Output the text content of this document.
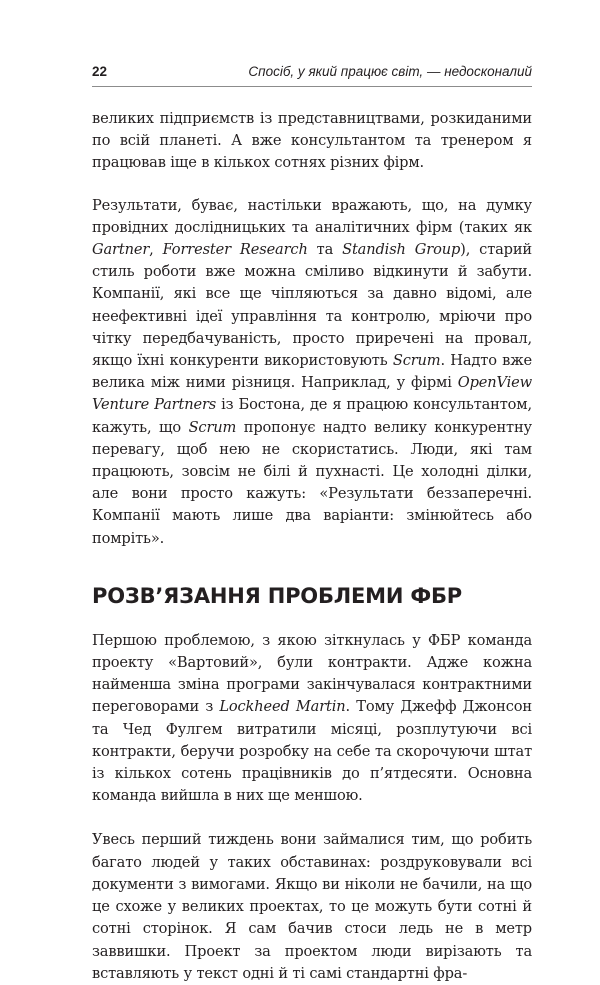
22	Спосіб, у який працює світ, — недосконалий

великих підприємств із представництвами, розкиданими по всій планеті. А вже консультантом та тренером я працював іще в кількох сотнях різних фірм.

Результати, буває, настільки вражають, що, на думку провідних дослідницьких та аналітичних фірм (таких як Gartner, Forrester Research та Standish Group), старий стиль роботи вже можна сміливо відкинути й забути. Компанії, які все ще чіпляються за давно відомі, але неефективні ідеї управління та контролю, мріючи про чітку передбачуваність, просто приречені на провал, якщо їхні конкуренти використовують Scrum. Надто вже велика між ними різниця. Наприклад, у фірмі OpenView Venture Partners із Бостона, де я працюю консультантом, кажуть, що Scrum пропонує надто велику конкурентну перевагу, щоб нею не скористатись. Люди, які там працюють, зовсім не білі й пухнасті. Це холодні ділки, але вони просто кажуть: «Результати беззаперечні. Компанії мають лише два варіанти: змінюйтесь або помріть».

РОЗВ’ЯЗАННЯ ПРОБЛЕМИ ФБР

Першою проблемою, з якою зіткнулась у ФБР команда проекту «Вартовий», були контракти. Адже кожна найменша зміна програми закінчувалася контрактними переговорами з Lockheed Martin. Тому Джефф Джонсон та Чед Фулгем витратили місяці, розплутуючи всі контракти, беручи розробку на себе та скорочуючи штат із кількох сотень працівників до п’ятдесяти. Основна команда вийшла в них ще меншою.

Увесь перший тиждень вони займалися тим, що робить багато людей у таких обставинах: роздруковували всі документи з вимогами. Якщо ви ніколи не бачили, на що це схоже у великих проектах, то це можуть бути сотні й сотні сторінок. Я сам бачив стоси ледь не в метр заввишки. Проект за проектом люди вирізають та вставляють у текст одні й ті самі стандартні фра-
